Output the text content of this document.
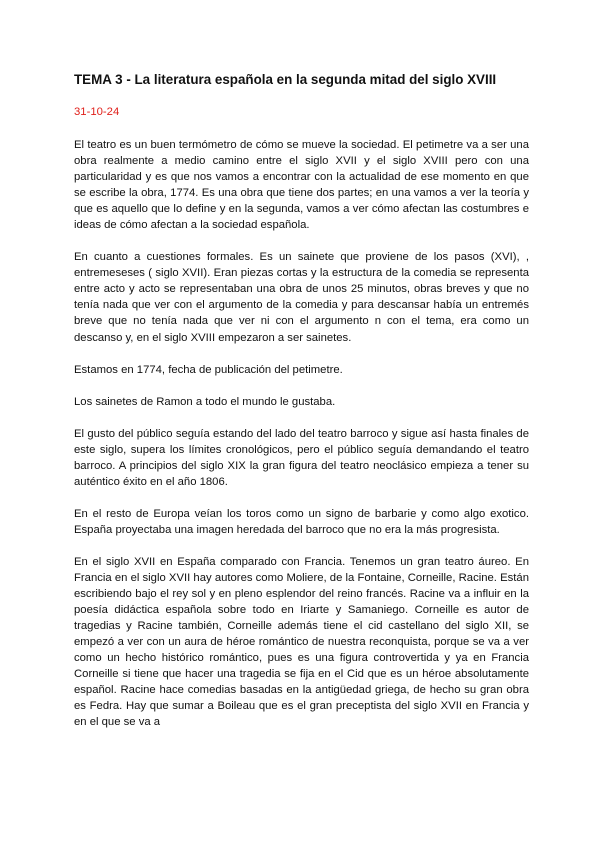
TEMA 3 - La literatura española en la segunda mitad del siglo XVIII
31-10-24

El teatro es un buen termómetro de cómo se mueve la sociedad. El petimetre va a ser una obra realmente a medio camino entre el siglo XVII y el siglo XVIII pero con una particularidad y es que nos vamos a encontrar con la actualidad de ese momento en que se escribe la obra, 1774. Es una obra que tiene dos partes; en una vamos a ver la teoría y que es aquello que lo define y en la segunda, vamos a ver cómo afectan las costumbres e ideas de cómo afectan a la sociedad española.

En cuanto a cuestiones formales. Es un sainete que proviene de los pasos (XVI), , entremeseses ( siglo XVII). Eran piezas cortas y la estructura de la comedia se representa entre acto y acto se representaban una obra de unos 25 minutos, obras breves y que no tenía nada que ver con el argumento de la comedia y para descansar había un entremés breve que no tenía nada que ver ni con el argumento n con el tema, era como un descanso y, en el siglo XVIII empezaron a ser sainetes.

Estamos en 1774, fecha de publicación del petimetre.

Los sainetes de Ramon a todo el mundo le gustaba.

El gusto del público seguía estando del lado del teatro barroco y sigue así hasta finales de este siglo, supera los límites cronológicos, pero el público seguía demandando el teatro barroco. A principios del siglo XIX la gran figura del teatro neoclásico empieza a tener su auténtico éxito en el año 1806.

En el resto de Europa veían los toros como un signo de barbarie y como algo exotico. España proyectaba una imagen heredada del barroco que no era la más progresista.

En el siglo XVII en España comparado con Francia. Tenemos un gran teatro áureo. En Francia en el siglo XVII hay autores como Moliere, de la Fontaine, Corneille, Racine. Están escribiendo bajo el rey sol y en pleno esplendor del reino francés. Racine va a influir en la poesía didáctica española sobre todo en Iriarte y Samaniego. Corneille es autor de tragedias y Racine también, Corneille además tiene el cid castellano del siglo XII, se empezó a ver con un aura de héroe romántico de nuestra reconquista, porque se va a ver como un hecho histórico romántico, pues es una figura controvertida y ya en Francia Corneille si tiene que hacer una tragedia se fija en el Cid que es un héroe absolutamente español. Racine hace comedias basadas en la antigüedad griega, de hecho su gran obra es Fedra. Hay que sumar a Boileau que es el gran preceptista del siglo XVII en Francia y en el que se va a
